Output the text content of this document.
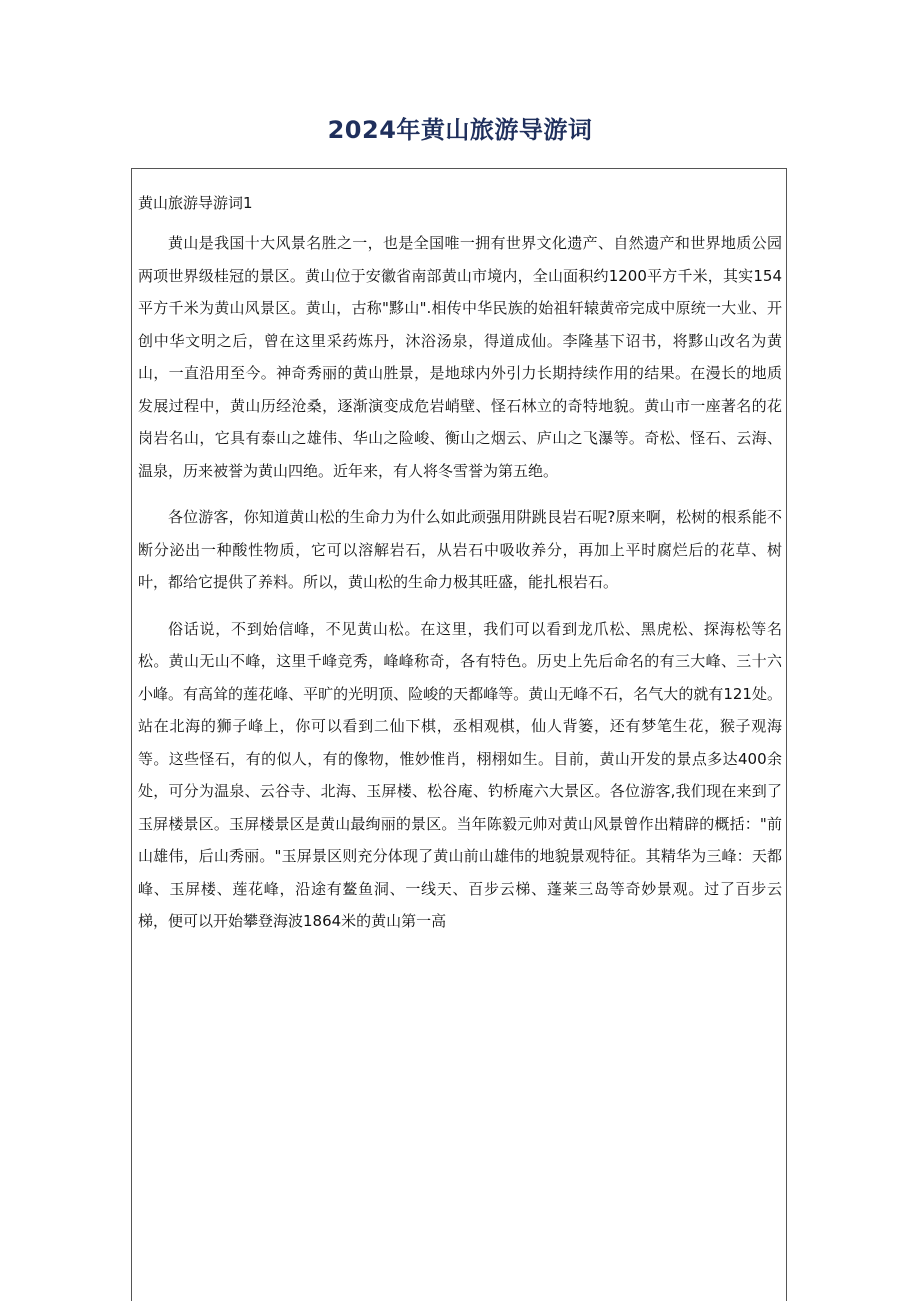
2024年黄山旅游导游词

黄山旅游导游词1

黄山是我国十大风景名胜之一，也是全国唯一拥有世界文化遗产、自然遗产和世界地质公园两项世界级桂冠的景区。黄山位于安徽省南部黄山市境内，全山面积约1200平方千米，其实154平方千米为黄山风景区。黄山，古称"黟山".相传中华民族的始祖轩辕黄帝完成中原统一大业、开创中华文明之后，曾在这里采药炼丹，沐浴汤泉，得道成仙。李隆基下诏书，将黟山改名为黄山，一直沿用至今。神奇秀丽的黄山胜景，是地球内外引力长期持续作用的结果。在漫长的地质发展过程中，黄山历经沧桑，逐渐演变成危岩峭壁、怪石林立的奇特地貌。黄山市一座著名的花岗岩名山，它具有泰山之雄伟、华山之险峻、衡山之烟云、庐山之飞瀑等。奇松、怪石、云海、温泉，历来被誉为黄山四绝。近年来，有人将冬雪誉为第五绝。

各位游客，你知道黄山松的生命力为什么如此顽强用阱跳艮岩石呢?原来啊，松树的根系能不断分泌出一种酸性物质，它可以溶解岩石，从岩石中吸收养分，再加上平时腐烂后的花草、树叶，都给它提供了养料。所以，黄山松的生命力极其旺盛，能扎根岩石。

俗话说，不到始信峰，不见黄山松。在这里，我们可以看到龙爪松、黑虎松、探海松等名松。黄山无山不峰，这里千峰竞秀，峰峰称奇，各有特色。历史上先后命名的有三大峰、三十六小峰。有高耸的莲花峰、平旷的光明顶、险峻的天都峰等。黄山无峰不石，名气大的就有121处。站在北海的狮子峰上，你可以看到二仙下棋，丞相观棋，仙人背篓，还有梦笔生花，猴子观海等。这些怪石，有的似人，有的像物，惟妙惟肖，栩栩如生。目前，黄山开发的景点多达400余处，可分为温泉、云谷寺、北海、玉屏楼、松谷庵、钓桥庵六大景区。各位游客,我们现在来到了玉屏楼景区。玉屏楼景区是黄山最绚丽的景区。当年陈毅元帅对黄山风景曾作出精辟的概括："前山雄伟，后山秀丽。"玉屏景区则充分体现了黄山前山雄伟的地貌景观特征。其精华为三峰：天都峰、玉屏楼、莲花峰，沿途有鳌鱼洞、一线天、百步云梯、蓬莱三岛等奇妙景观。过了百步云梯，便可以开始攀登海波1864米的黄山第一高
